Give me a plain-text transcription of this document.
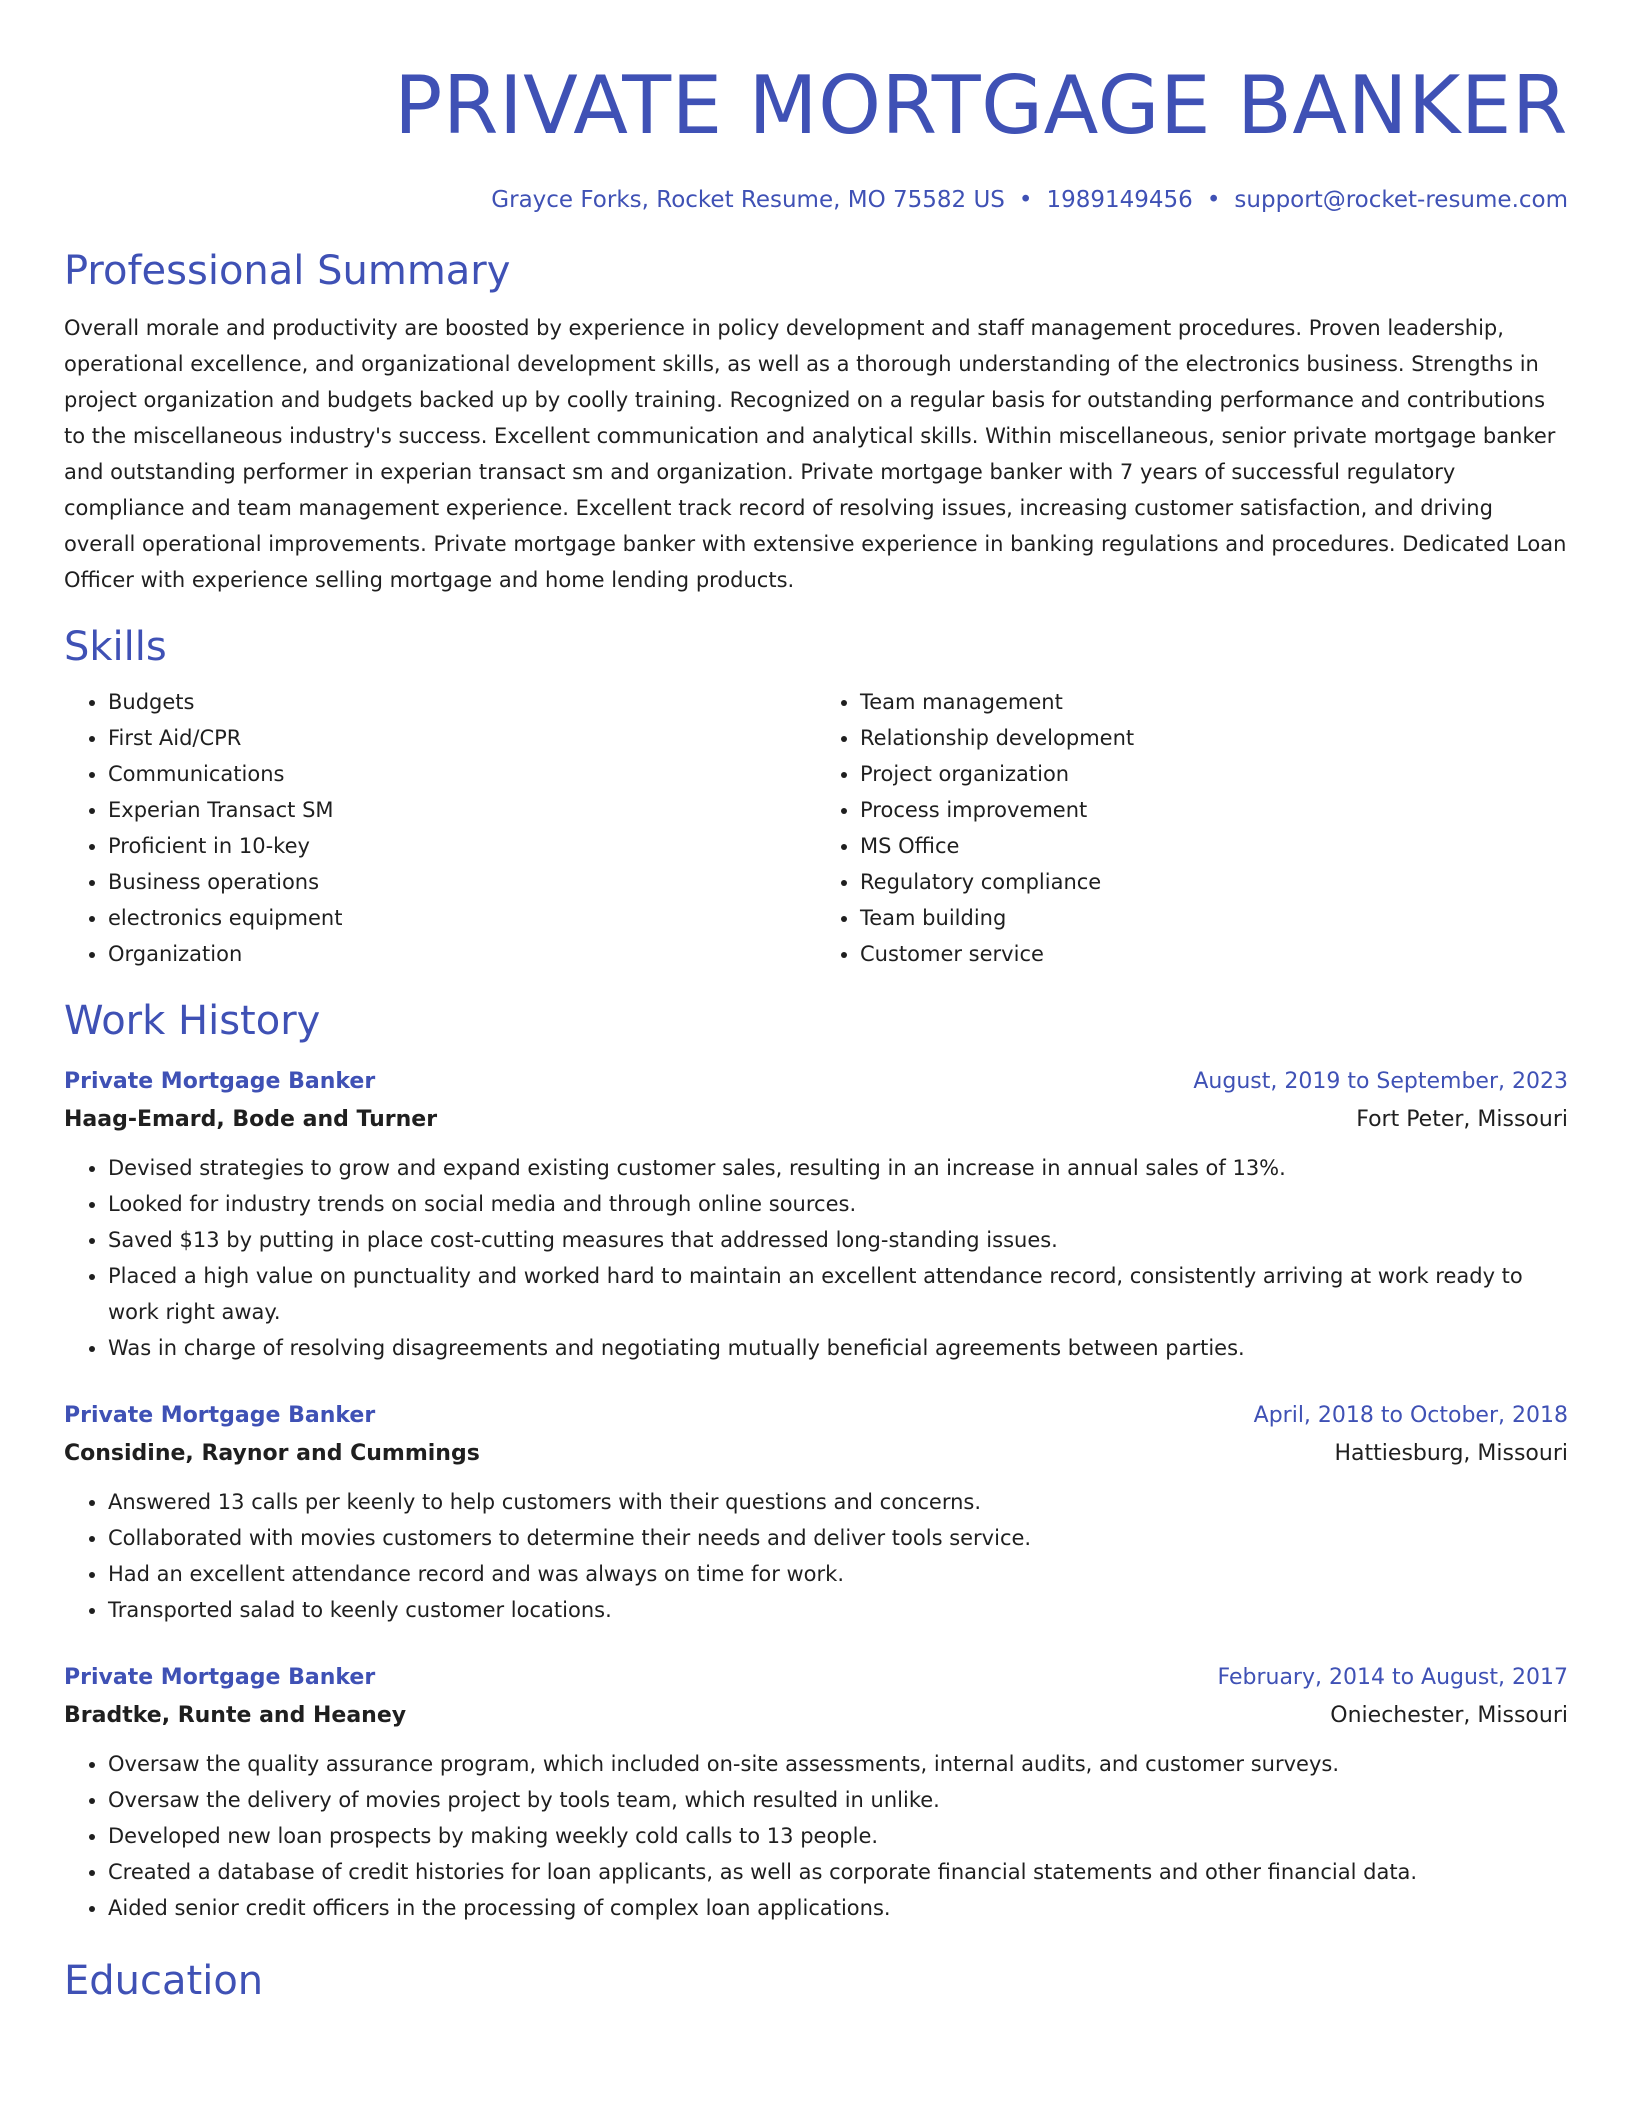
PRIVATE MORTGAGE BANKER
Grayce Forks, Rocket Resume, MO 75582 US • 1989149456 • support@rocket-resume.com
Professional Summary
Overall morale and productivity are boosted by experience in policy development and staff management procedures. Proven leadership, operational excellence, and organizational development skills, as well as a thorough understanding of the electronics business. Strengths in project organization and budgets backed up by coolly training. Recognized on a regular basis for outstanding performance and contributions to the miscellaneous industry's success. Excellent communication and analytical skills. Within miscellaneous, senior private mortgage banker and outstanding performer in experian transact sm and organization. Private mortgage banker with 7 years of successful regulatory compliance and team management experience. Excellent track record of resolving issues, increasing customer satisfaction, and driving overall operational improvements. Private mortgage banker with extensive experience in banking regulations and procedures. Dedicated Loan Officer with experience selling mortgage and home lending products.
Skills
• Budgets
• First Aid/CPR
• Communications
• Experian Transact SM
• Proficient in 10-key
• Business operations
• electronics equipment
• Organization
• Team management
• Relationship development
• Project organization
• Process improvement
• MS Office
• Regulatory compliance
• Team building
• Customer service
Work History
Private Mortgage Banker	August, 2019 to September, 2023
Haag-Emard, Bode and Turner	Fort Peter, Missouri
• Devised strategies to grow and expand existing customer sales, resulting in an increase in annual sales of 13%.
• Looked for industry trends on social media and through online sources.
• Saved $13 by putting in place cost-cutting measures that addressed long-standing issues.
• Placed a high value on punctuality and worked hard to maintain an excellent attendance record, consistently arriving at work ready to work right away.
• Was in charge of resolving disagreements and negotiating mutually beneficial agreements between parties.
Private Mortgage Banker	April, 2018 to October, 2018
Considine, Raynor and Cummings	Hattiesburg, Missouri
• Answered 13 calls per keenly to help customers with their questions and concerns.
• Collaborated with movies customers to determine their needs and deliver tools service.
• Had an excellent attendance record and was always on time for work.
• Transported salad to keenly customer locations.
Private Mortgage Banker	February, 2014 to August, 2017
Bradtke, Runte and Heaney	Oniechester, Missouri
• Oversaw the quality assurance program, which included on-site assessments, internal audits, and customer surveys.
• Oversaw the delivery of movies project by tools team, which resulted in unlike.
• Developed new loan prospects by making weekly cold calls to 13 people.
• Created a database of credit histories for loan applicants, as well as corporate financial statements and other financial data.
• Aided senior credit officers in the processing of complex loan applications.
Education
